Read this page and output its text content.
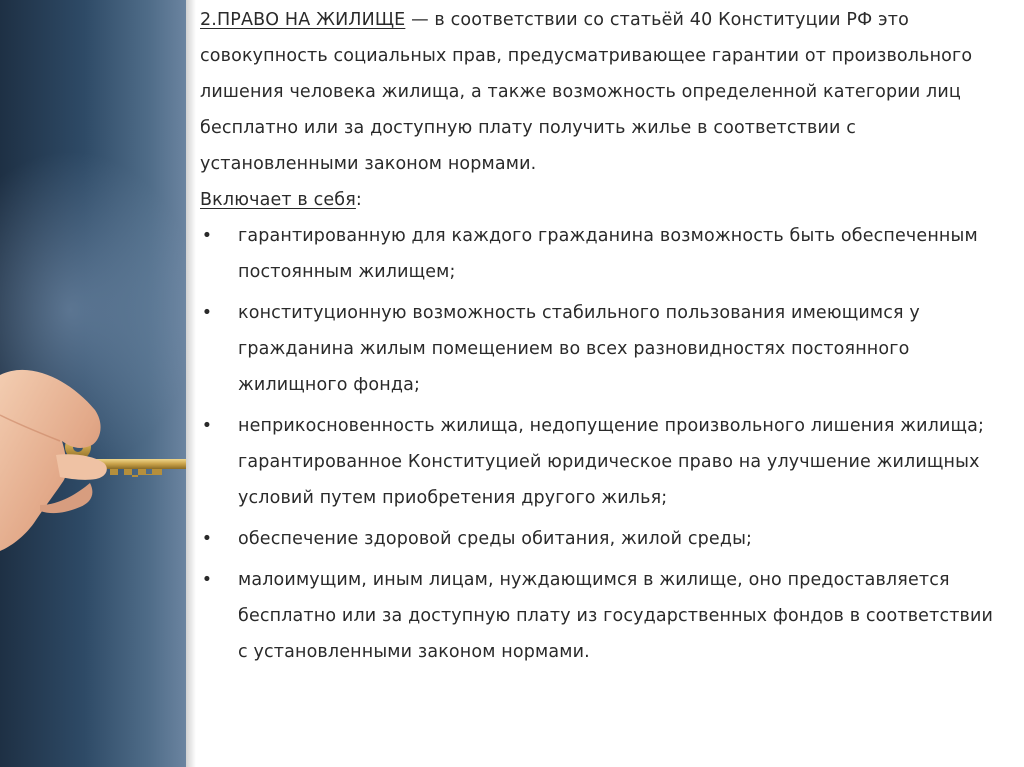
2.ПРАВО НА ЖИЛИЩЕ — в соответствии со статьёй 40 Конституции РФ это совокупность социальных прав, предусматривающее гарантии от произвольного лишения человека жилища, а также возможность определенной категории лиц бесплатно или за доступную плату получить жилье в соответствии с установленными законом нормами.

Включает в себя:

• гарантированную для каждого гражданина возможность быть обеспеченным постоянным жилищем;
• конституционную возможность стабильного пользования имеющимся у гражданина жилым помещением во всех разновидностях постоянного жилищного фонда;
• неприкосновенность жилища, недопущение произвольного лишения жилища; гарантированное Конституцией юридическое право на улучшение жилищных условий путем приобретения другого жилья;
• обеспечение здоровой среды обитания, жилой среды;
• малоимущим, иным лицам, нуждающимся в жилище, оно предоставляется бесплатно или за доступную плату из государственных фондов в соответствии с установленными законом нормами.
